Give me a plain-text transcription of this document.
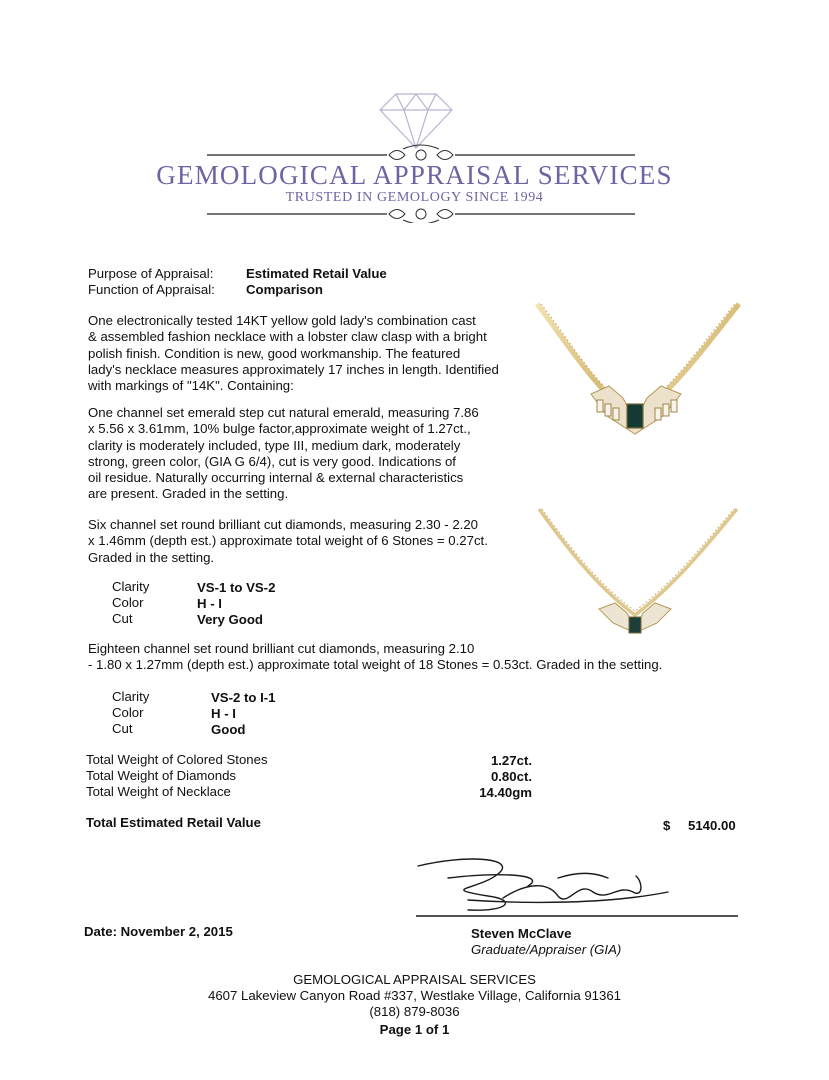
GEMOLOGICAL APPRAISAL SERVICES
TRUSTED IN GEMOLOGY SINCE 1994
Purpose of Appraisal: Estimated Retail Value
Function of Appraisal: Comparison
One electronically tested 14KT yellow gold lady's combination cast
& assembled fashion necklace with a lobster claw clasp with a bright
polish finish. Condition is new, good workmanship. The featured
lady's necklace measures approximately 17 inches in length. Identified
with markings of "14K". Containing:
One channel set emerald step cut natural emerald, measuring 7.86
x 5.56 x 3.61mm, 10% bulge factor,approximate weight of 1.27ct.,
clarity is moderately included, type III, medium dark, moderately
strong, green color, (GIA G 6/4), cut is very good. Indications of
oil residue. Naturally occurring internal & external characteristics
are present. Graded in the setting.
Six channel set round brilliant cut diamonds, measuring 2.30 - 2.20
x 1.46mm (depth est.) approximate total weight of 6 Stones = 0.27ct.
Graded in the setting.
Clarity	VS-1 to VS-2
Color	H - I
Cut	Very Good
Eighteen channel set round brilliant cut diamonds, measuring 2.10
- 1.80 x 1.27mm (depth est.) approximate total weight of 18 Stones = 0.53ct. Graded in the setting.
Clarity	VS-2 to I-1
Color	H - I
Cut	Good
Total Weight of Colored Stones	1.27ct.
Total Weight of Diamonds	0.80ct.
Total Weight of Necklace	14.40gm
Total Estimated Retail Value	$ 5140.00
Date: November 2, 2015	Steven McClave
Graduate/Appraiser (GIA)
GEMOLOGICAL APPRAISAL SERVICES
4607 Lakeview Canyon Road #337, Westlake Village, California 91361
(818) 879-8036
Page 1 of 1
